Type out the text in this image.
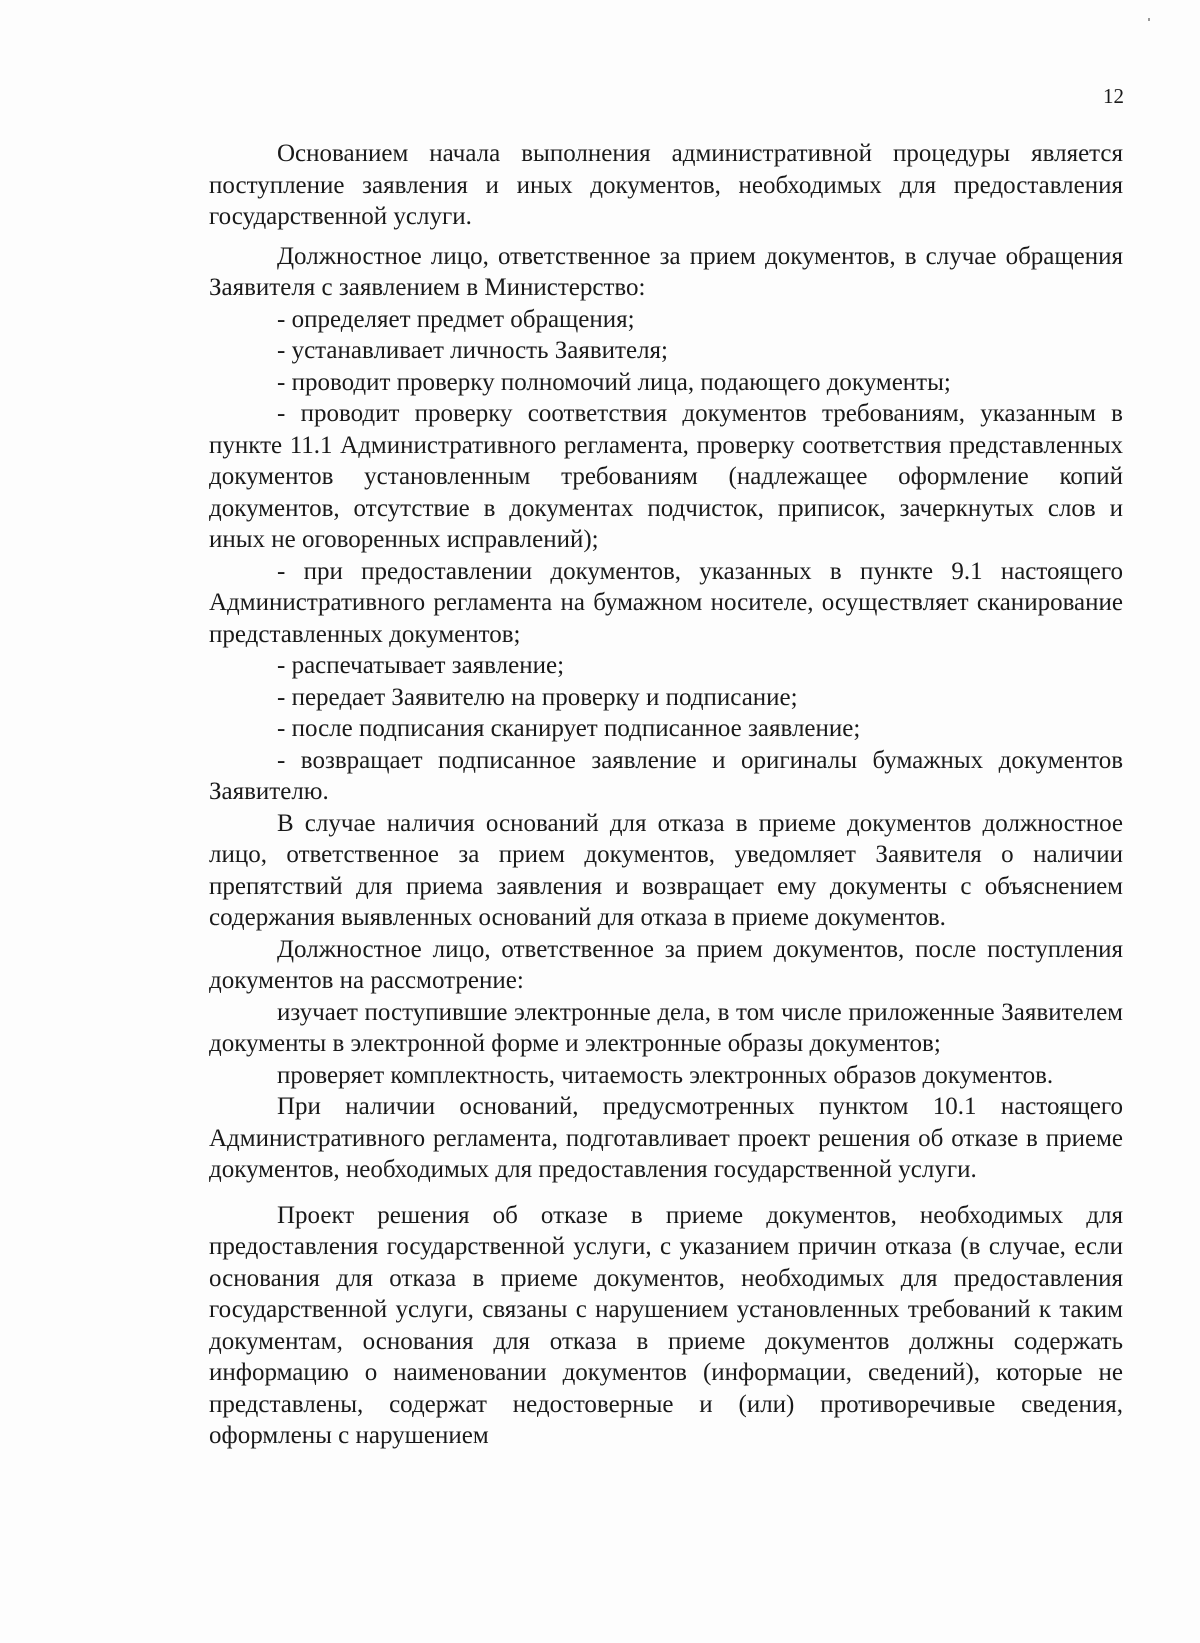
12

Основанием начала выполнения административной процедуры является поступление заявления и иных документов, необходимых для предоставления государственной услуги.

Должностное лицо, ответственное за прием документов, в случае обращения Заявителя с заявлением в Министерство:

- определяет предмет обращения;

- устанавливает личность Заявителя;

- проводит проверку полномочий лица, подающего документы;

- проводит проверку соответствия документов требованиям, указанным в пункте 11.1 Административного регламента, проверку соответствия представленных документов установленным требованиям (надлежащее оформление копий документов, отсутствие в документах подчисток, приписок, зачеркнутых слов и иных не оговоренных исправлений);

- при предоставлении документов, указанных в пункте 9.1 настоящего Административного регламента на бумажном носителе, осуществляет сканирование представленных документов;

- распечатывает заявление;

- передает Заявителю на проверку и подписание;

- после подписания сканирует подписанное заявление;

- возвращает подписанное заявление и оригиналы бумажных документов Заявителю.

В случае наличия оснований для отказа в приеме документов должностное лицо, ответственное за прием документов, уведомляет Заявителя о наличии препятствий для приема заявления и возвращает ему документы с объяснением содержания выявленных оснований для отказа в приеме документов.

Должностное лицо, ответственное за прием документов, после поступления документов на рассмотрение:

изучает поступившие электронные дела, в том числе приложенные Заявителем документы в электронной форме и электронные образы документов;

проверяет комплектность, читаемость электронных образов документов.

При наличии оснований, предусмотренных пунктом 10.1 настоящего Административного регламента, подготавливает проект решения об отказе в приеме документов, необходимых для предоставления государственной услуги.

Проект решения об отказе в приеме документов, необходимых для предоставления государственной услуги, с указанием причин отказа (в случае, если основания для отказа в приеме документов, необходимых для предоставления государственной услуги, связаны с нарушением установленных требований к таким документам, основания для отказа в приеме документов должны содержать информацию о наименовании документов (информации, сведений), которые не представлены, содержат недостоверные и (или) противоречивые сведения, оформлены с нарушением
